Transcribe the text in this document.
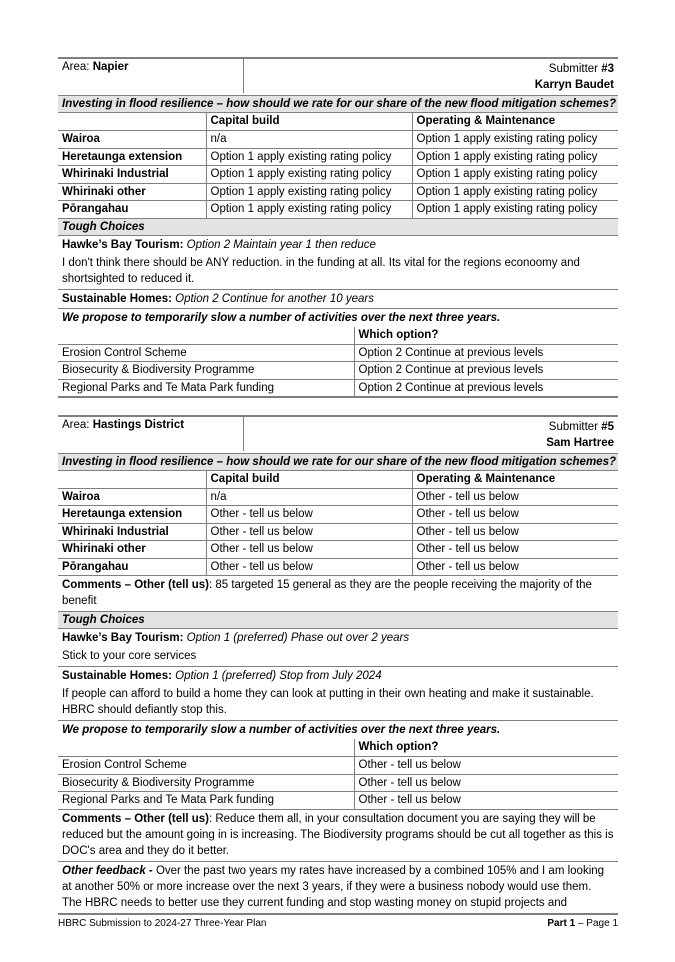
Area: Napier	Submitter #3
Karryn Baudet
Investing in flood resilience – how should we rate for our share of the new flood mitigation schemes?
	Capital build	Operating & Maintenance
Wairoa	n/a	Option 1 apply existing rating policy
Heretaunga extension	Option 1 apply existing rating policy	Option 1 apply existing rating policy
Whirinaki Industrial	Option 1 apply existing rating policy	Option 1 apply existing rating policy
Whirinaki other	Option 1 apply existing rating policy	Option 1 apply existing rating policy
Pōrangahau	Option 1 apply existing rating policy	Option 1 apply existing rating policy
Tough Choices
Hawke’s Bay Tourism: Option 2 Maintain year 1 then reduce
I don't think there should be ANY reduction. in the funding at all. Its vital for the regions econoomy and shortsighted to reduced it.
Sustainable Homes: Option 2 Continue for another 10 years
We propose to temporarily slow a number of activities over the next three years.
	Which option?
Erosion Control Scheme	Option 2 Continue at previous levels
Biosecurity & Biodiversity Programme	Option 2 Continue at previous levels
Regional Parks and Te Mata Park funding	Option 2 Continue at previous levels
Area: Hastings District	Submitter #5
Sam Hartree
Investing in flood resilience – how should we rate for our share of the new flood mitigation schemes?
	Capital build	Operating & Maintenance
Wairoa	n/a	Other - tell us below
Heretaunga extension	Other - tell us below	Other - tell us below
Whirinaki Industrial	Other - tell us below	Other - tell us below
Whirinaki other	Other - tell us below	Other - tell us below
Pōrangahau	Other - tell us below	Other - tell us below
Comments – Other (tell us): 85 targeted 15 general as they are the people receiving the majority of the benefit
Tough Choices
Hawke’s Bay Tourism: Option 1 (preferred) Phase out over 2 years
Stick to your core services
Sustainable Homes: Option 1 (preferred) Stop from July 2024
If people can afford to build a home they can look at putting in their own heating and make it sustainable. HBRC should defiantly stop this.
We propose to temporarily slow a number of activities over the next three years.
	Which option?
Erosion Control Scheme	Other - tell us below
Biosecurity & Biodiversity Programme	Other - tell us below
Regional Parks and Te Mata Park funding	Other - tell us below
Comments – Other (tell us): Reduce them all, in your consultation document you are saying they will be reduced but the amount going in is increasing. The Biodiversity programs should be cut all together as this is DOC's area and they do it better.
Other feedback - Over the past two years my rates have increased by a combined 105% and I am looking at another 50% or more increase over the next 3 years, if they were a business nobody would use them. The HBRC needs to better use they current funding and stop wasting money on stupid projects and
HBRC Submission to 2024-27 Three-Year Plan	Part 1 – Page 1
